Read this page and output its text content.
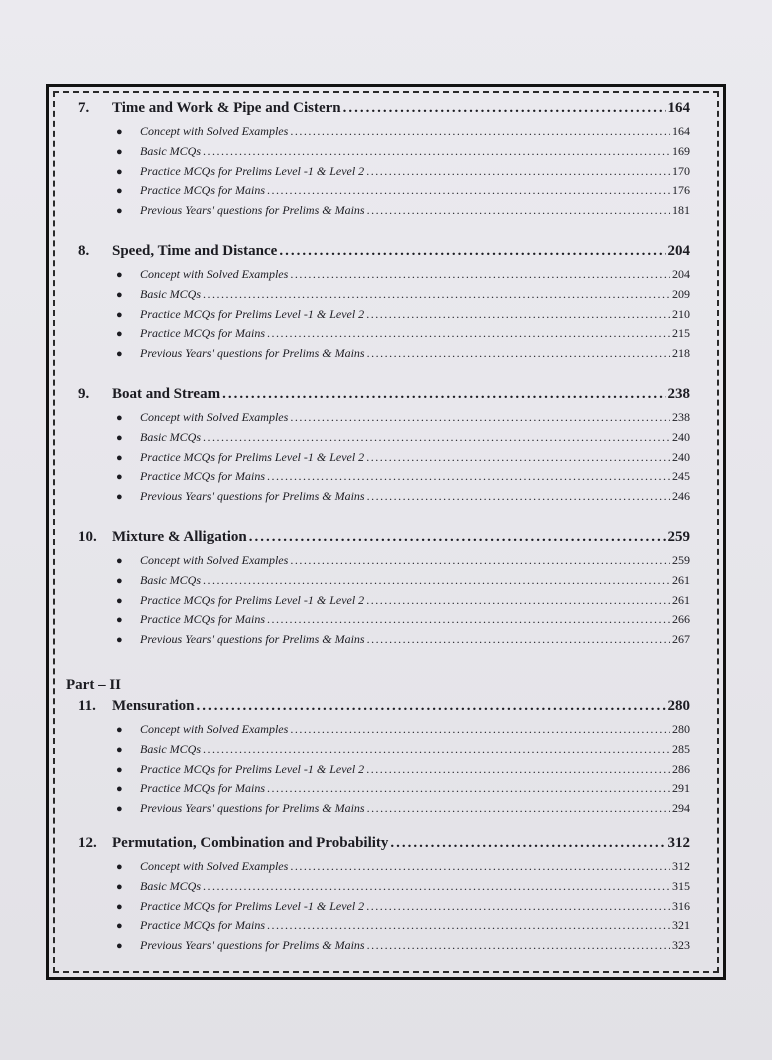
7.	Time and Work & Pipe and Cistern .....	164
●	Concept with Solved Examples .....	164
●	Basic MCQs .....	169
●	Practice MCQs for Prelims Level -1 & Level 2 .....	170
●	Practice MCQs for Mains .....	176
●	Previous Years' questions for Prelims & Mains .....	181
8.	Speed, Time and Distance .....	204
●	Concept with Solved Examples .....	204
●	Basic MCQs .....	209
●	Practice MCQs for Prelims Level -1 & Level 2 .....	210
●	Practice MCQs for Mains .....	215
●	Previous Years' questions for Prelims & Mains .....	218
9.	Boat and Stream .....	238
●	Concept with Solved Examples .....	238
●	Basic MCQs .....	240
●	Practice MCQs for Prelims Level -1 & Level 2 .....	240
●	Practice MCQs for Mains .....	245
●	Previous Years' questions for Prelims & Mains .....	246
10.	Mixture & Alligation .....	259
●	Concept with Solved Examples .....	259
●	Basic MCQs .....	261
●	Practice MCQs for Prelims Level -1 & Level 2 .....	261
●	Practice MCQs for Mains .....	266
●	Previous Years' questions for Prelims & Mains .....	267
Part – II
11.	Mensuration .....	280
●	Concept with Solved Examples .....	280
●	Basic MCQs .....	285
●	Practice MCQs for Prelims Level -1 & Level 2 .....	286
●	Practice MCQs for Mains .....	291
●	Previous Years' questions for Prelims & Mains .....	294
12.	Permutation, Combination and Probability .....	312
●	Concept with Solved Examples .....	312
●	Basic MCQs .....	315
●	Practice MCQs for Prelims Level -1 & Level 2 .....	316
●	Practice MCQs for Mains .....	321
●	Previous Years' questions for Prelims & Mains .....	323
